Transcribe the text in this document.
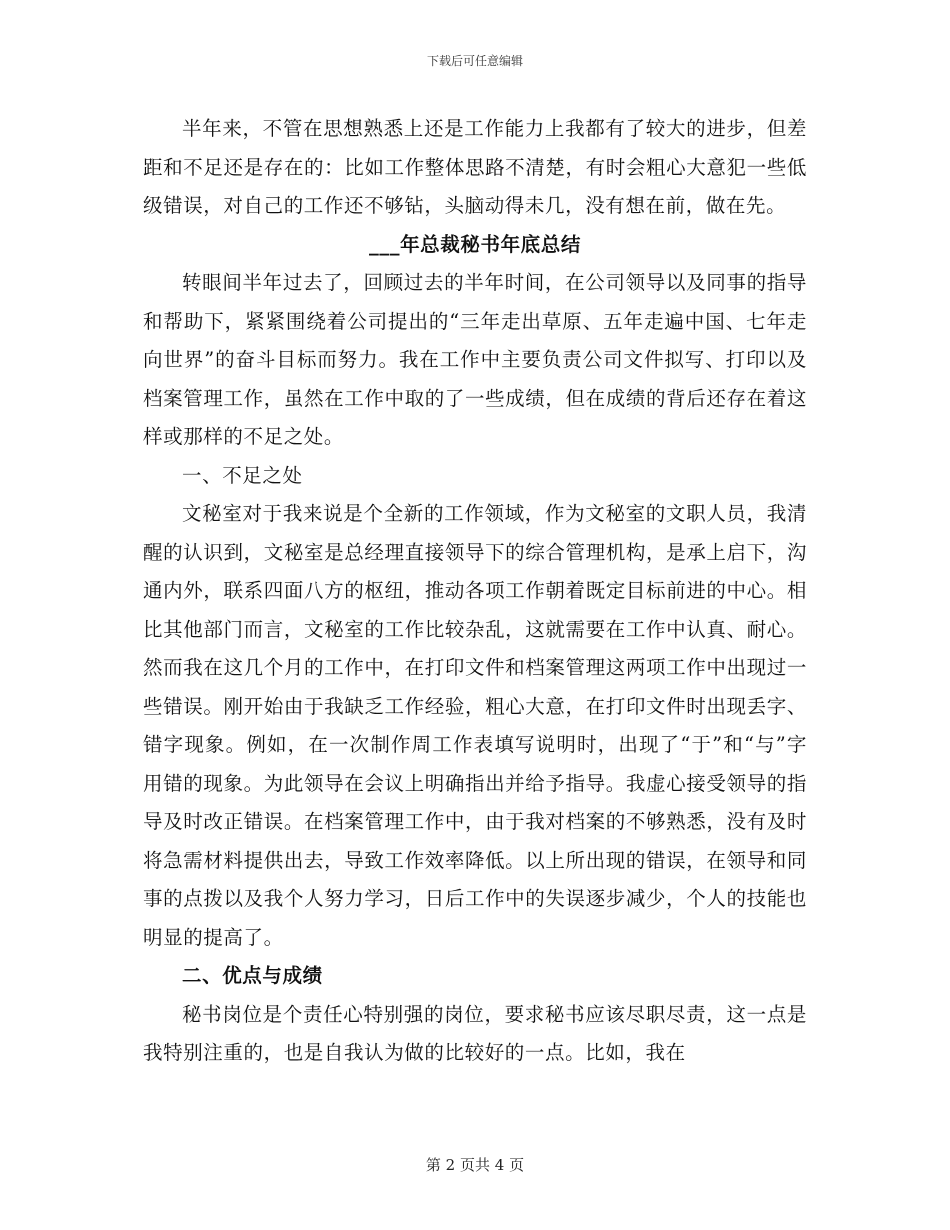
下载后可任意编辑

半年来，不管在思想熟悉上还是工作能力上我都有了较大的进步，但差距和不足还是存在的：比如工作整体思路不清楚，有时会粗心大意犯一些低级错误，对自己的工作还不够钻，头脑动得未几，没有想在前，做在先。

___年总裁秘书年底总结

转眼间半年过去了，回顾过去的半年时间，在公司领导以及同事的指导和帮助下，紧紧围绕着公司提出的“三年走出草原、五年走遍中国、七年走向世界”的奋斗目标而努力。我在工作中主要负责公司文件拟写、打印以及档案管理工作，虽然在工作中取的了一些成绩，但在成绩的背后还存在着这样或那样的不足之处。

一、不足之处

文秘室对于我来说是个全新的工作领域，作为文秘室的文职人员，我清醒的认识到，文秘室是总经理直接领导下的综合管理机构，是承上启下，沟通内外，联系四面八方的枢纽，推动各项工作朝着既定目标前进的中心。相比其他部门而言，文秘室的工作比较杂乱，这就需要在工作中认真、耐心。然而我在这几个月的工作中，在打印文件和档案管理这两项工作中出现过一些错误。刚开始由于我缺乏工作经验，粗心大意，在打印文件时出现丢字、错字现象。例如，在一次制作周工作表填写说明时，出现了“于”和“与”字用错的现象。为此领导在会议上明确指出并给予指导。我虚心接受领导的指导及时改正错误。在档案管理工作中，由于我对档案的不够熟悉，没有及时将急需材料提供出去，导致工作效率降低。以上所出现的错误，在领导和同事的点拨以及我个人努力学习，日后工作中的失误逐步减少，个人的技能也明显的提高了。

二、优点与成绩

秘书岗位是个责任心特别强的岗位，要求秘书应该尽职尽责，这一点是我特别注重的，也是自我认为做的比较好的一点。比如，我在

第 2 页共 4 页
